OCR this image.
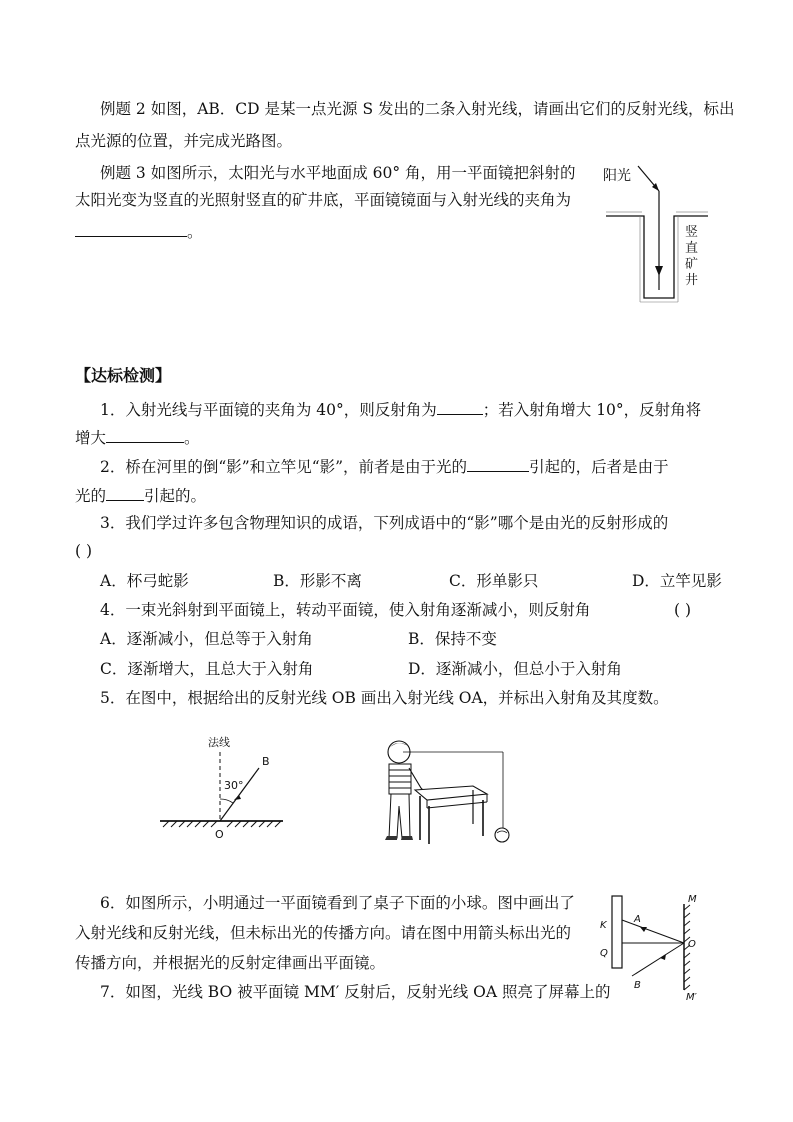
例题 2 如图，AB．CD 是某一点光源 S 发出的二条入射光线，请画出它们的反射光线，标出
点光源的位置，并完成光路图。
例题 3 如图所示，太阳光与水平地面成 60° 角，用一平面镜把斜射的
太阳光变为竖直的光照射竖直的矿井底，平面镜镜面与入射光线的夹角为
。
阳光
竖
直
矿
井
【达标检测】
1．入射光线与平面镜的夹角为 40°，则反射角为	；若入射角增大 10°，反射角将
增大	。
2．桥在河里的倒“影”和立竿见“影”，前者是由于光的	引起的，后者是由于
光的 引起的。
3．我们学过许多包含物理知识的成语，下列成语中的“影”哪个是由光的反射形成的
( )
A．杯弓蛇影	B．形影不离	C．形单影只	D．立竿见影
4．一束光斜射到平面镜上，转动平面镜，使入射角逐渐减小，则反射角	( )
A．逐渐减小，但总等于入射角	B．保持不变
C．逐渐增大，且总大于入射角	D．逐渐减小，但总小于入射角
5．在图中，根据给出的反射光线 OB 画出入射光线 OA，并标出入射角及其度数。
法线
30°
B
O
6．如图所示，小明通过一平面镜看到了桌子下面的小球。图中画出了
入射光线和反射光线，但未标出光的传播方向。请在图中用箭头标出光的
传播方向，并根据光的反射定律画出平面镜。
7．如图，光线 BO 被平面镜 MM′ 反射后，反射光线 OA 照亮了屏幕上的
K
Q
M
M′
O
A
B
